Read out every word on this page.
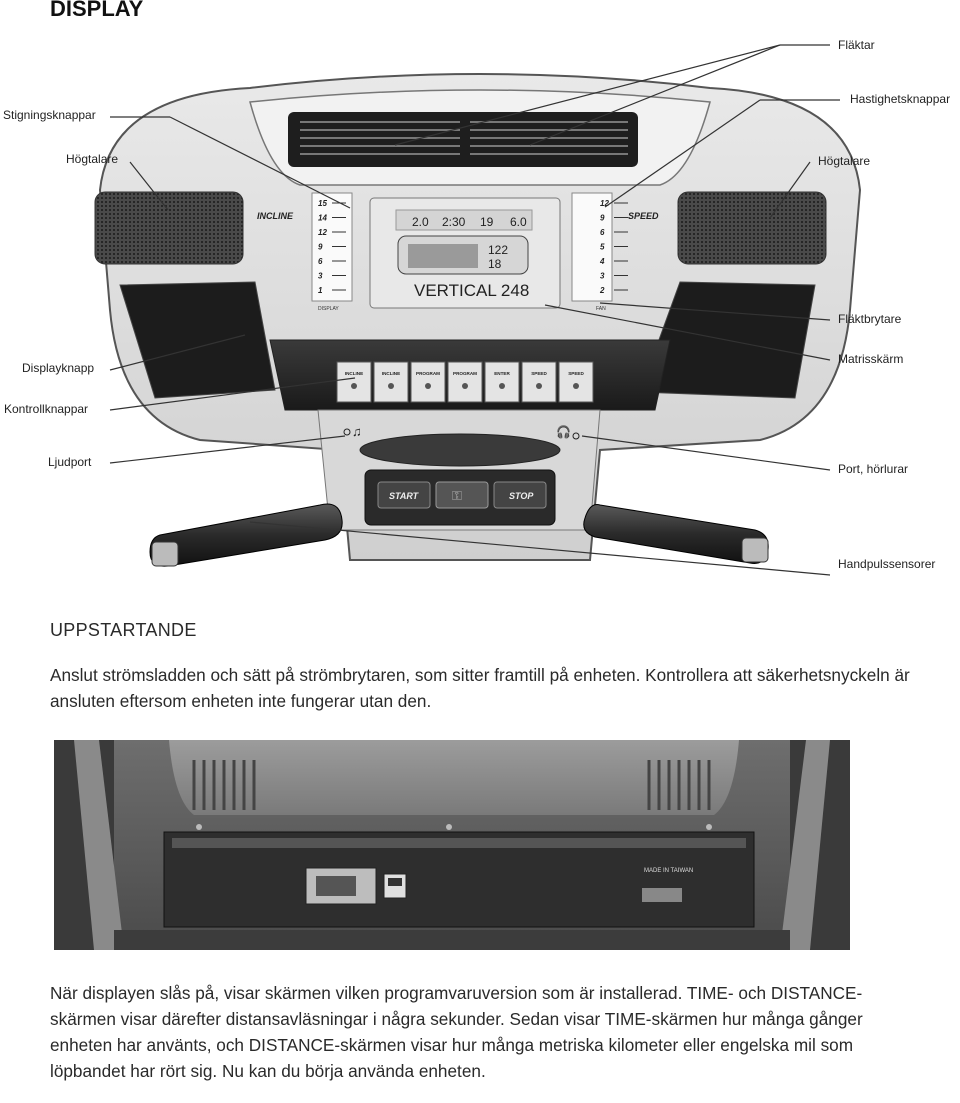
DISPLAY
INCLINE	SPEED
15
14
12
9
6
3
1
DISPLAY
12
9
6
5
4
3
2
FAN
2.0 2:30 19 6.0
122
18
VERTICAL 248
INCLINE	INCLINE	PROGRAM	PROGRAM	ENTER	SPEED	SPEED
♫	🎧
START	⚿	STOP
Stigningsknappar
Högtalare
Displayknapp
Kontrollknappar
Ljudport
Fläktar
Hastighetsknappar
Högtalare
Fläktbrytare
Matrisskärm
Port, hörlurar
Handpulssensorer
UPPSTARTANDE
Anslut strömsladden och sätt på strömbrytaren, som sitter framtill på enheten. Kontrollera att säkerhetsnyckeln är ansluten eftersom enheten inte fungerar utan den.
MADE IN TAIWAN
När displayen slås på, visar skärmen vilken programvaruversion som är installerad. TIME- och DISTANCE-skärmen visar därefter distansavläsningar i några sekunder. Sedan visar TIME-skärmen hur många gånger enheten har använts, och DISTANCE-skärmen visar hur många metriska kilometer eller engelska mil som löpbandet har rört sig. Nu kan du börja använda enheten.
